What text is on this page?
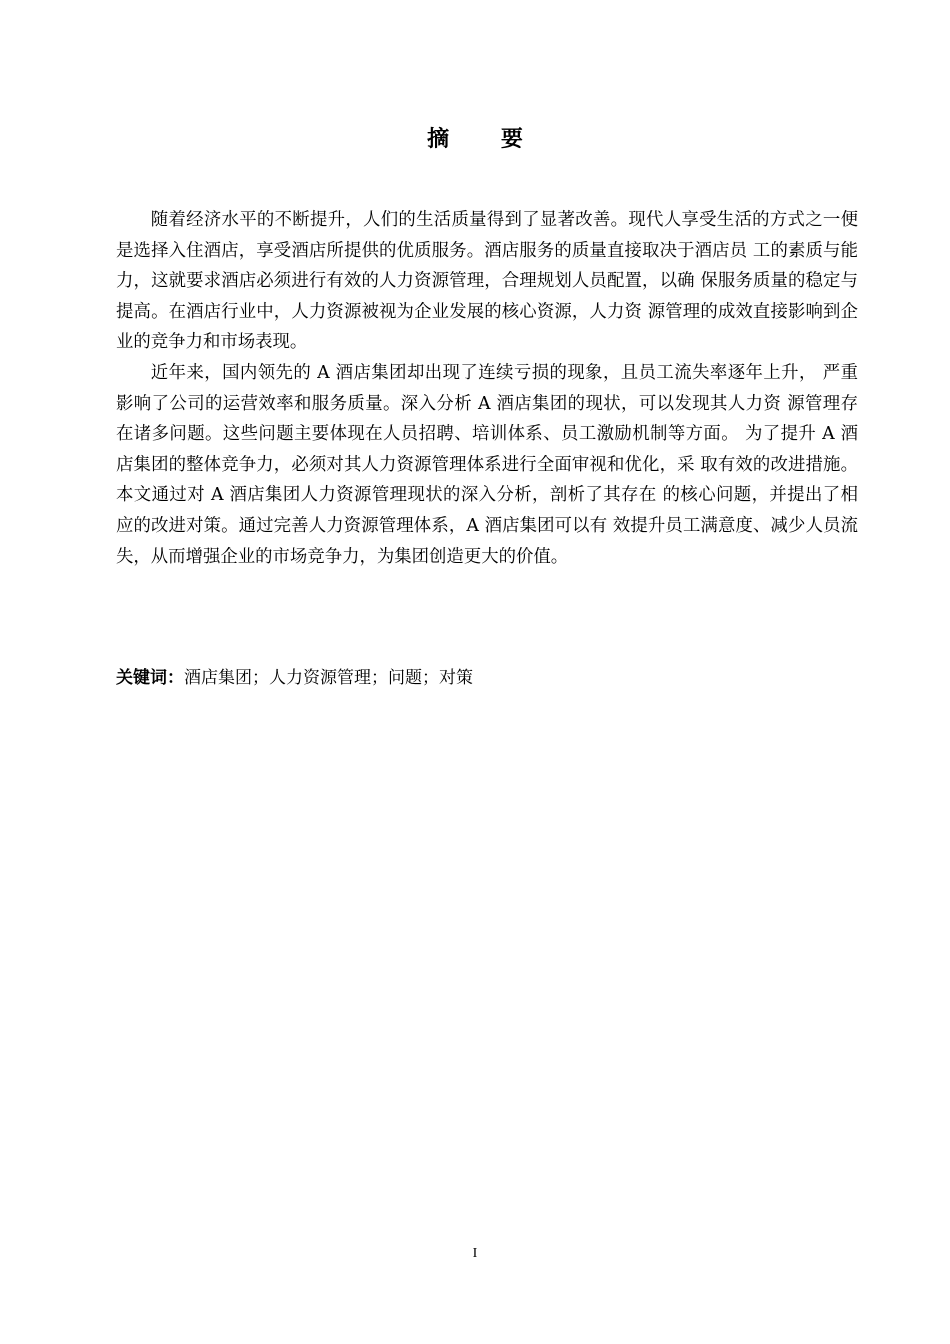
摘 要

随着经济水平的不断提升，人们的生活质量得到了显著改善。现代人享受生活的方式之一便是选择入住酒店，享受酒店所提供的优质服务。酒店服务的质量直接取决于酒店员 工的素质与能力，这就要求酒店必须进行有效的人力资源管理，合理规划人员配置，以确 保服务质量的稳定与提高。在酒店行业中，人力资源被视为企业发展的核心资源，人力资 源管理的成效直接影响到企业的竞争力和市场表现。

近年来，国内领先的 A 酒店集团却出现了连续亏损的现象，且员工流失率逐年上升， 严重影响了公司的运营效率和服务质量。深入分析 A 酒店集团的现状，可以发现其人力资 源管理存在诸多问题。这些问题主要体现在人员招聘、培训体系、员工激励机制等方面。 为了提升 A 酒店集团的整体竞争力，必须对其人力资源管理体系进行全面审视和优化，采 取有效的改进措施。本文通过对 A 酒店集团人力资源管理现状的深入分析，剖析了其存在 的核心问题，并提出了相应的改进对策。通过完善人力资源管理体系，A 酒店集团可以有 效提升员工满意度、减少人员流失，从而增强企业的市场竞争力，为集团创造更大的价值。

关键词：酒店集团；人力资源管理；问题；对策
I
